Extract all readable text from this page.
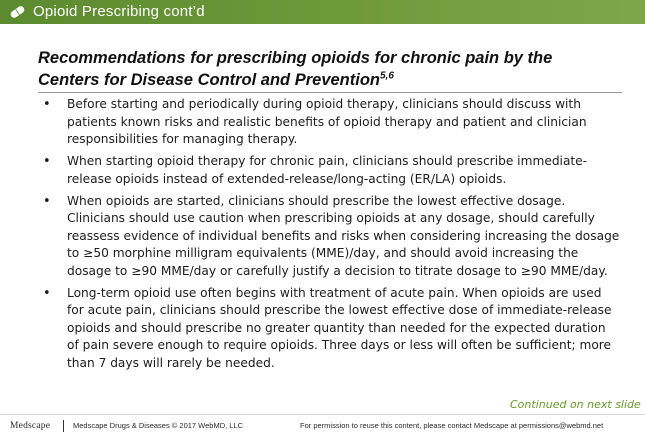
Opioid Prescribing cont’d
Recommendations for prescribing opioids for chronic pain by the
Centers for Disease Control and Prevention$^{5,6}$
• Before starting and periodically during opioid therapy, clinicians should discuss with patients known risks and realistic benefits of opioid therapy and patient and clinician responsibilities for managing therapy.
• When starting opioid therapy for chronic pain, clinicians should prescribe immediate-release opioids instead of extended-release/long-acting (ER/LA) opioids.
• When opioids are started, clinicians should prescribe the lowest effective dosage. Clinicians should use caution when prescribing opioids at any dosage, should carefully reassess evidence of individual benefits and risks when considering increasing the dosage to ≥50 morphine milligram equivalents (MME)/day, and should avoid increasing the dosage to ≥90 MME/day or carefully justify a decision to titrate dosage to ≥90 MME/day.
• Long-term opioid use often begins with treatment of acute pain. When opioids are used for acute pain, clinicians should prescribe the lowest effective dose of immediate-release opioids and should prescribe no greater quantity than needed for the expected duration of pain severe enough to require opioids. Three days or less will often be sufficient; more than 7 days will rarely be needed.
Continued on next slide
Medscape	Medscape Drugs & Diseases © 2017 WebMD, LLC	For permission to reuse this content, please contact Medscape at permissions@webmd.net
